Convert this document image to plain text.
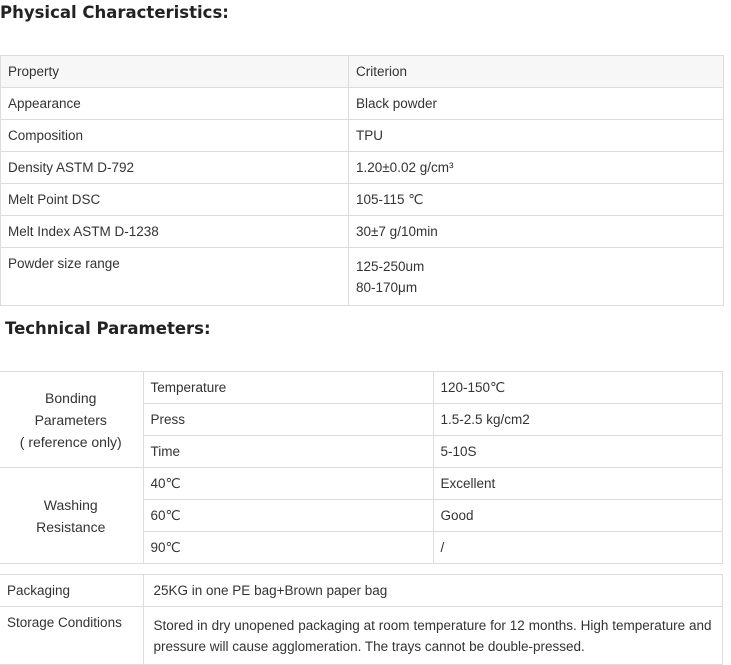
Physical Characteristics:
Property	Criterion
Appearance	Black powder
Composition	TPU
Density ASTM D-792	1.20±0.02 g/cm³
Melt Point DSC	105-115 ℃
Melt Index ASTM D-1238	30±7 g/10min
Powder size range	125-250um
80-170μm
Technical Parameters:
Bonding
Parameters
( reference only)	Temperature	120-150℃
	Press	1.5-2.5 kg/cm2
	Time	5-10S

Washing
Resistance	40℃	Excellent
	60℃	Good
	90℃	/
Packaging	25KG in one PE bag+Brown paper bag
Storage Conditions	Stored in dry unopened packaging at room temperature for 12 months. High temperature and pressure will cause agglomeration. The trays cannot be double-pressed.
